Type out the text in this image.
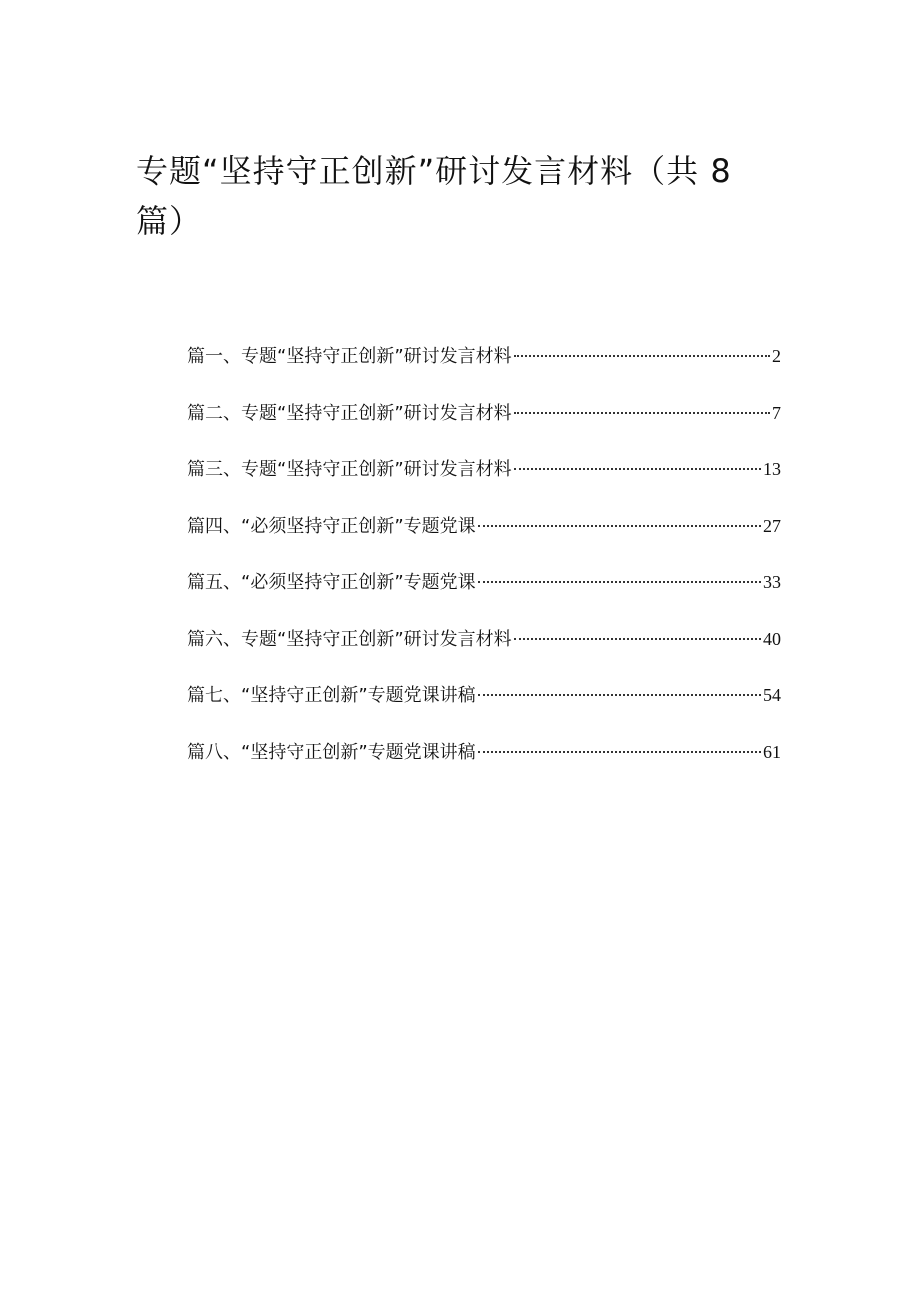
专题“坚持守正创新”研讨发言材料（共 8 篇）
篇一、专题“坚持守正创新”研讨发言材料	2
篇二、专题“坚持守正创新”研讨发言材料	7
篇三、专题“坚持守正创新”研讨发言材料	13
篇四、“必须坚持守正创新”专题党课	27
篇五、“必须坚持守正创新”专题党课	33
篇六、专题“坚持守正创新”研讨发言材料	40
篇七、“坚持守正创新”专题党课讲稿	54
篇八、“坚持守正创新”专题党课讲稿	61
